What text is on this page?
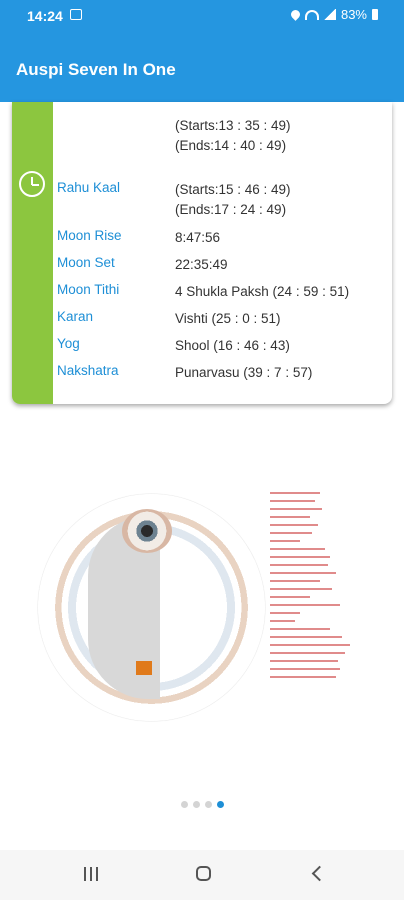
14:24	83%
Auspi Seven In One
(Starts:13 : 35 : 49)
(Ends:14 : 40 : 49)
Rahu Kaal	(Starts:15 : 46 : 49)
(Ends:17 : 24 : 49)
Moon Rise	8:47:56
Moon Set	22:35:49
Moon Tithi	4 Shukla Paksh (24 : 59 : 51)
Karan	Vishti (25 : 0 : 51)
Yog	Shool (16 : 46 : 43)
Nakshatra	Punarvasu (39 : 7 : 57)
